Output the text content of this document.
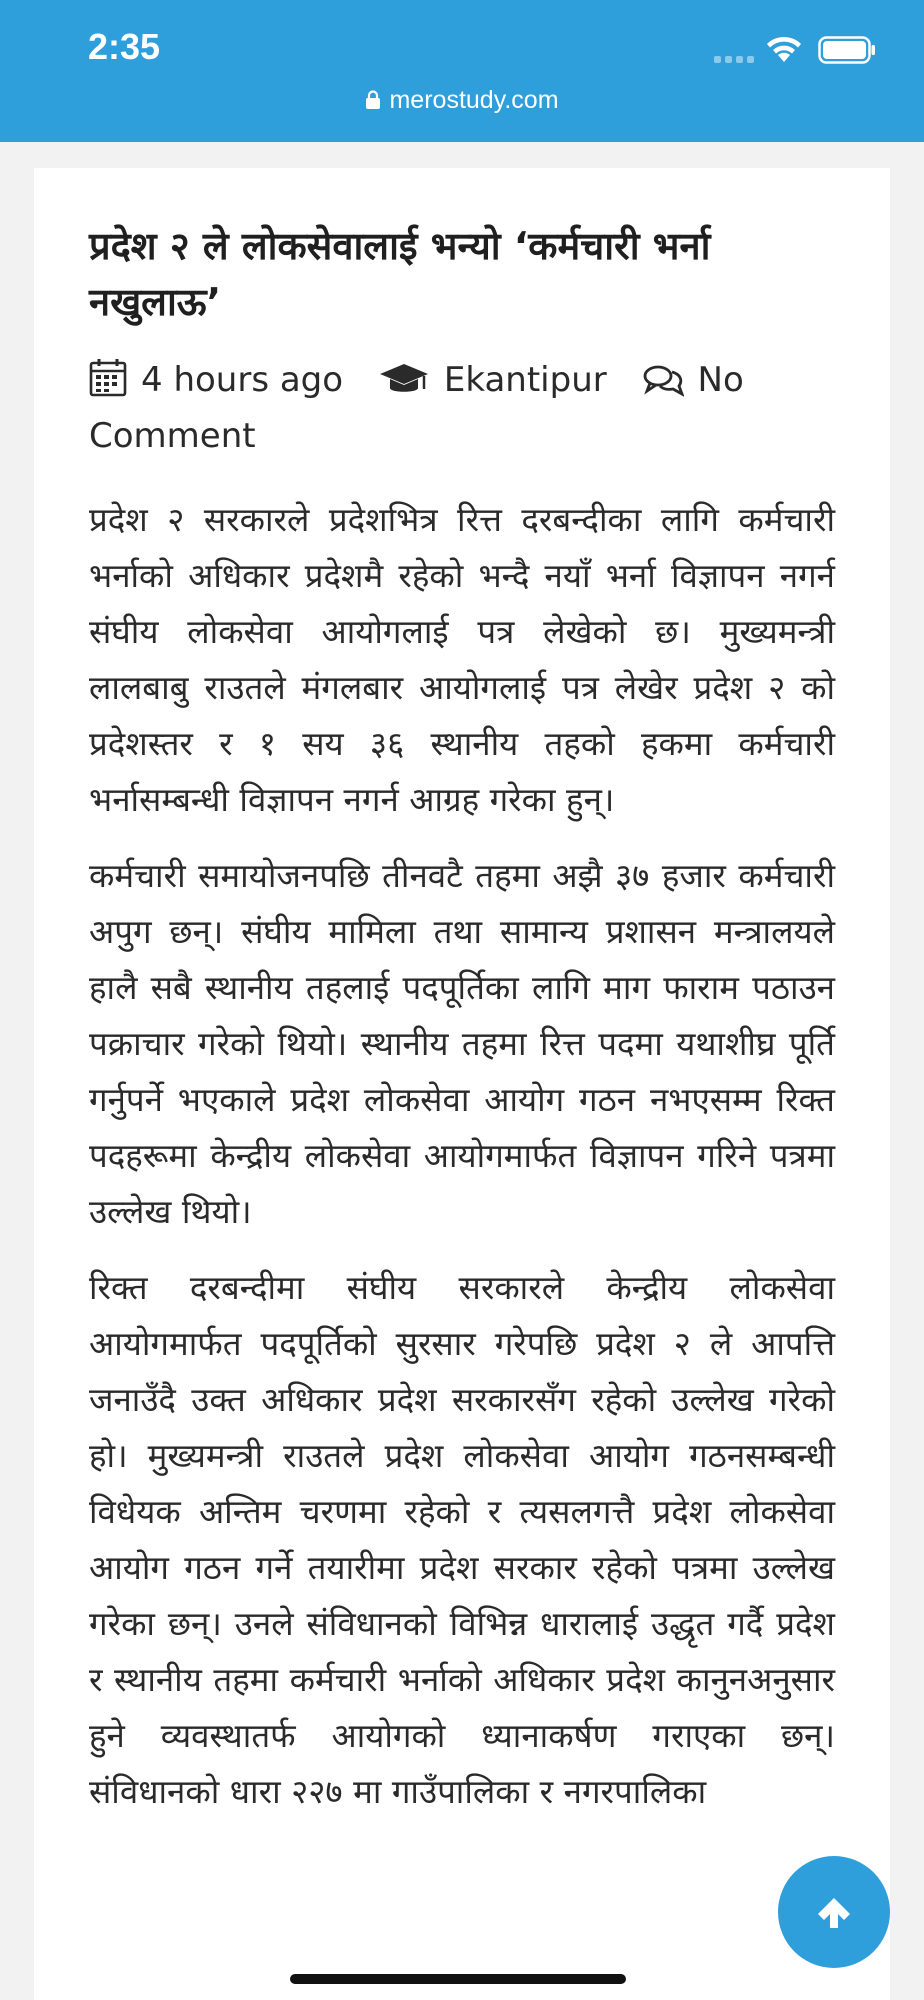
2:35
merostudy.com
प्रदेश २ ले लोकसेवालाई भन्यो ‘कर्मचारी भर्ना नखुलाऊ’
4 hours ago	Ekantipur	No Comment

प्रदेश २ सरकारले प्रदेशभित्र रित्त दरबन्दीका लागि कर्मचारी भर्नाको अधिकार प्रदेशमै रहेको भन्दै नयाँ भर्ना विज्ञापन नगर्न संघीय लोकसेवा आयोगलाई पत्र लेखेको छ। मुख्यमन्त्री लालबाबु राउतले मंगलबार आयोगलाई पत्र लेखेर प्रदेश २ को प्रदेशस्तर र १ सय ३६ स्थानीय तहको हकमा कर्मचारी भर्नासम्बन्धी विज्ञापन नगर्न आग्रह गरेका हुन्।

कर्मचारी समायोजनपछि तीनवटै तहमा अझै ३७ हजार कर्मचारी अपुग छन्। संघीय मामिला तथा सामान्य प्रशासन मन्त्रालयले हालै सबै स्थानीय तहलाई पदपूर्तिका लागि माग फाराम पठाउन पक्राचार गरेको थियो। स्थानीय तहमा रित्त पदमा यथाशीघ्र पूर्ति गर्नुपर्ने भएकाले प्रदेश लोकसेवा आयोग गठन नभएसम्म रिक्त पदहरूमा केन्द्रीय लोकसेवा आयोगमार्फत विज्ञापन गरिने पत्रमा उल्लेख थियो।

रिक्त दरबन्दीमा संघीय सरकारले केन्द्रीय लोकसेवा आयोगमार्फत पदपूर्तिको सुरसार गरेपछि प्रदेश २ ले आपत्ति जनाउँदै उक्त अधिकार प्रदेश सरकारसँग रहेको उल्लेख गरेको हो। मुख्यमन्त्री राउतले प्रदेश लोकसेवा आयोग गठनसम्बन्धी विधेयक अन्तिम चरणमा रहेको र त्यसलगत्तै प्रदेश लोकसेवा आयोग गठन गर्ने तयारीमा प्रदेश सरकार रहेको पत्रमा उल्लेख गरेका छन्। उनले संविधानको विभिन्न धारालाई उद्धृत गर्दै प्रदेश र स्थानीय तहमा कर्मचारी भर्नाको अधिकार प्रदेश कानुनअनुसार हुने व्यवस्थातर्फ आयोगको ध्यानाकर्षण गराएका छन्। संविधानको धारा २२७ मा गाउँपालिका र नगरपालिका
